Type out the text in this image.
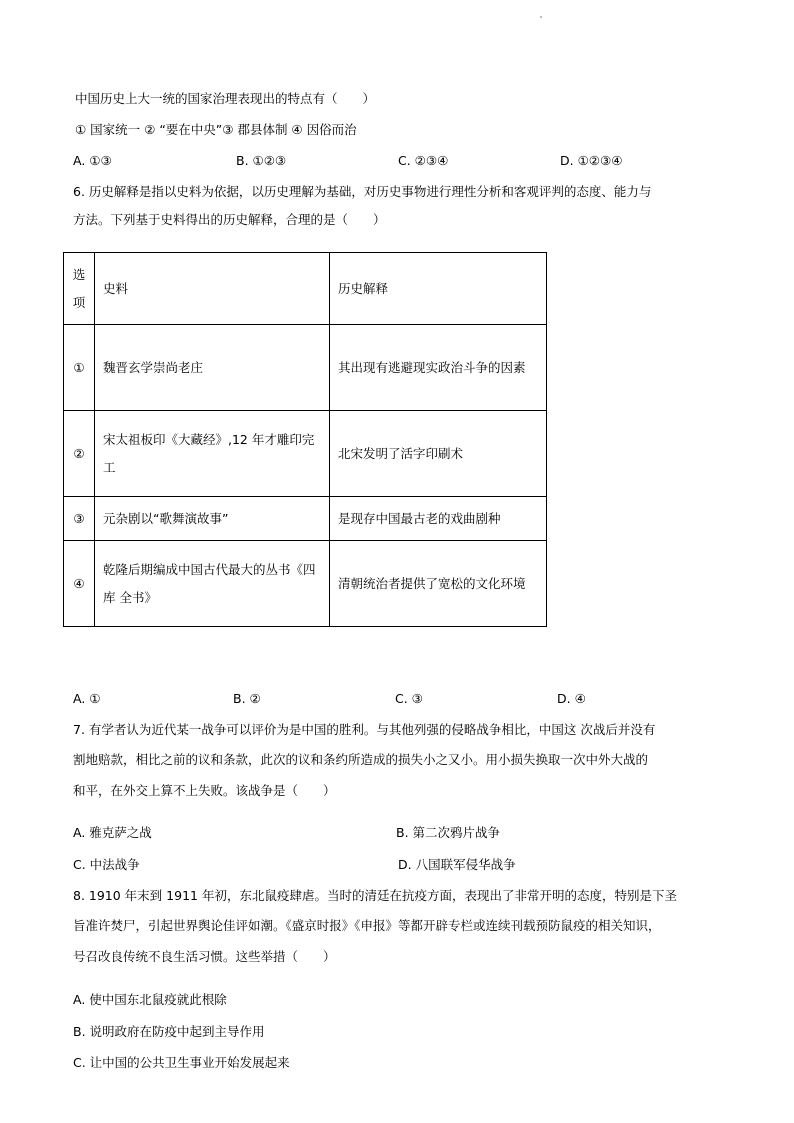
中国历史上大一统的国家治理表现出的特点有（　　）
① 国家统一 ② “要在中央”③ 郡县体制 ④ 因俗而治
A. ①③	B. ①②③	C. ②③④	D. ①②③④
6. 历史解释是指以史料为依据，以历史理解为基础，对历史事物进行理性分析和客观评判的态度、能力与
方法。下列基于史料得出的历史解释，合理的是（　　）
选
项	史料	历史解释
①	魏晋玄学崇尚老庄	其出现有逃避现实政治斗争的因素
②	宋太祖板印《大藏经》,12 年才雕印完工	北宋发明了活字印刷术
③	元杂剧以“歌舞演故事”	是现存中国最古老的戏曲剧种
④	乾隆后期编成中国古代最大的丛书《四库 全书》	清朝统治者提供了宽松的文化环境
A. ①	B. ②	C. ③	D. ④
7. 有学者认为近代某一战争可以评价为是中国的胜利。与其他列强的侵略战争相比，中国这 次战后并没有
割地赔款，相比之前的议和条款，此次的议和条约所造成的损失小之又小。用小损失换取一次中外大战的
和平，在外交上算不上失败。该战争是（　　）
A. 雅克萨之战	B. 第二次鸦片战争
C. 中法战争	D. 八国联军侵华战争
8. 1910 年末到 1911 年初，东北鼠疫肆虐。当时的清廷在抗疫方面，表现出了非常开明的态度，特别是下圣
旨准许焚尸，引起世界舆论佳评如潮。《盛京时报》《申报》等都开辟专栏或连续刊载预防鼠疫的相关知识，
号召改良传统不良生活习惯。这些举措（　　）
A. 使中国东北鼠疫就此根除
B. 说明政府在防疫中起到主导作用
C. 让中国的公共卫生事业开始发展起来
